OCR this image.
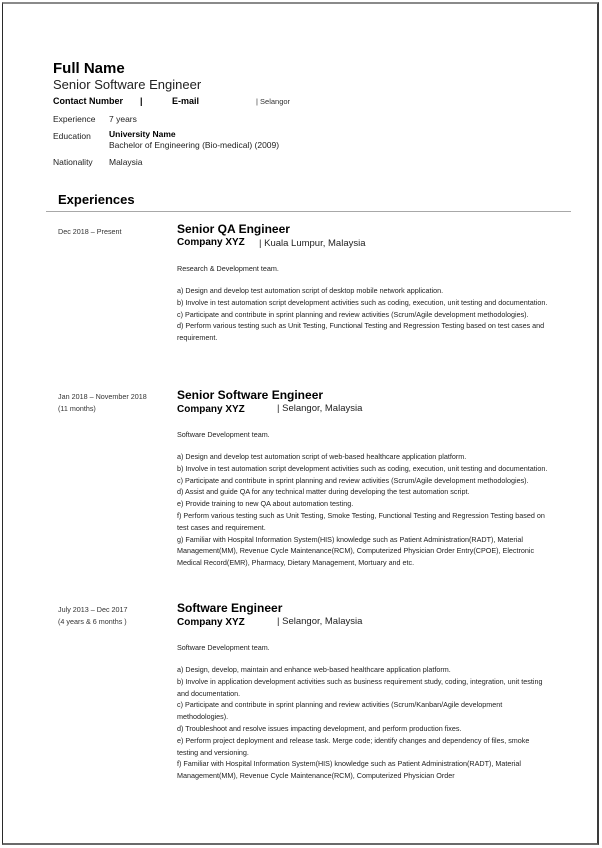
Full Name
Senior Software Engineer
Contact Number |	E-mail	| Selangor
Experience 7 years
Education University Name
Bachelor of Engineering (Bio-medical) (2009)
Nationality Malaysia
Experiences
Dec 2018 – Present	Senior QA Engineer
Company XYZ | Kuala Lumpur, Malaysia
Research & Development team.
a) Design and develop test automation script of desktop mobile network application.
b) Involve in test automation script development activities such as coding, execution, unit testing and documentation.
c) Participate and contribute in sprint planning and review activities (Scrum/Agile development methodologies).
d) Perform various testing such as Unit Testing, Functional Testing and Regression Testing based on test cases and requirement.
Jan 2018 – November 2018
(11 months)
Senior Software Engineer
Company XYZ	| Selangor, Malaysia
Software Development team.
a) Design and develop test automation script of web-based healthcare application platform.
b) Involve in test automation script development activities such as coding, execution, unit testing and documentation.
c) Participate and contribute in sprint planning and review activities (Scrum/Agile development methodologies).
d) Assist and guide QA for any technical matter during developing the test automation script.
e) Provide training to new QA about automation testing.
f) Perform various testing such as Unit Testing, Smoke Testing, Functional Testing and Regression Testing based on test cases and requirement.
g) Familiar with Hospital Information System(HIS) knowledge such as Patient Administration(RADT), Material Management(MM), Revenue Cycle Maintenance(RCM), Computerized Physician Order Entry(CPOE), Electronic Medical Record(EMR), Pharmacy, Dietary Management, Mortuary and etc.
July 2013 – Dec 2017
(4 years & 6 months )
Software Engineer
Company XYZ	| Selangor, Malaysia
Software Development team.
a) Design, develop, maintain and enhance web-based healthcare application platform.
b) Involve in application development activities such as business requirement study, coding, integration, unit testing and documentation.
c) Participate and contribute in sprint planning and review activities (Scrum/Kanban/Agile development methodologies).
d) Troubleshoot and resolve issues impacting development, and perform production fixes.
e) Perform project deployment and release task. Merge code; identify changes and dependency of files, smoke testing and versioning.
f) Familiar with Hospital Information System(HIS) knowledge such as Patient Administration(RADT), Material Management(MM), Revenue Cycle Maintenance(RCM), Computerized Physician Order
